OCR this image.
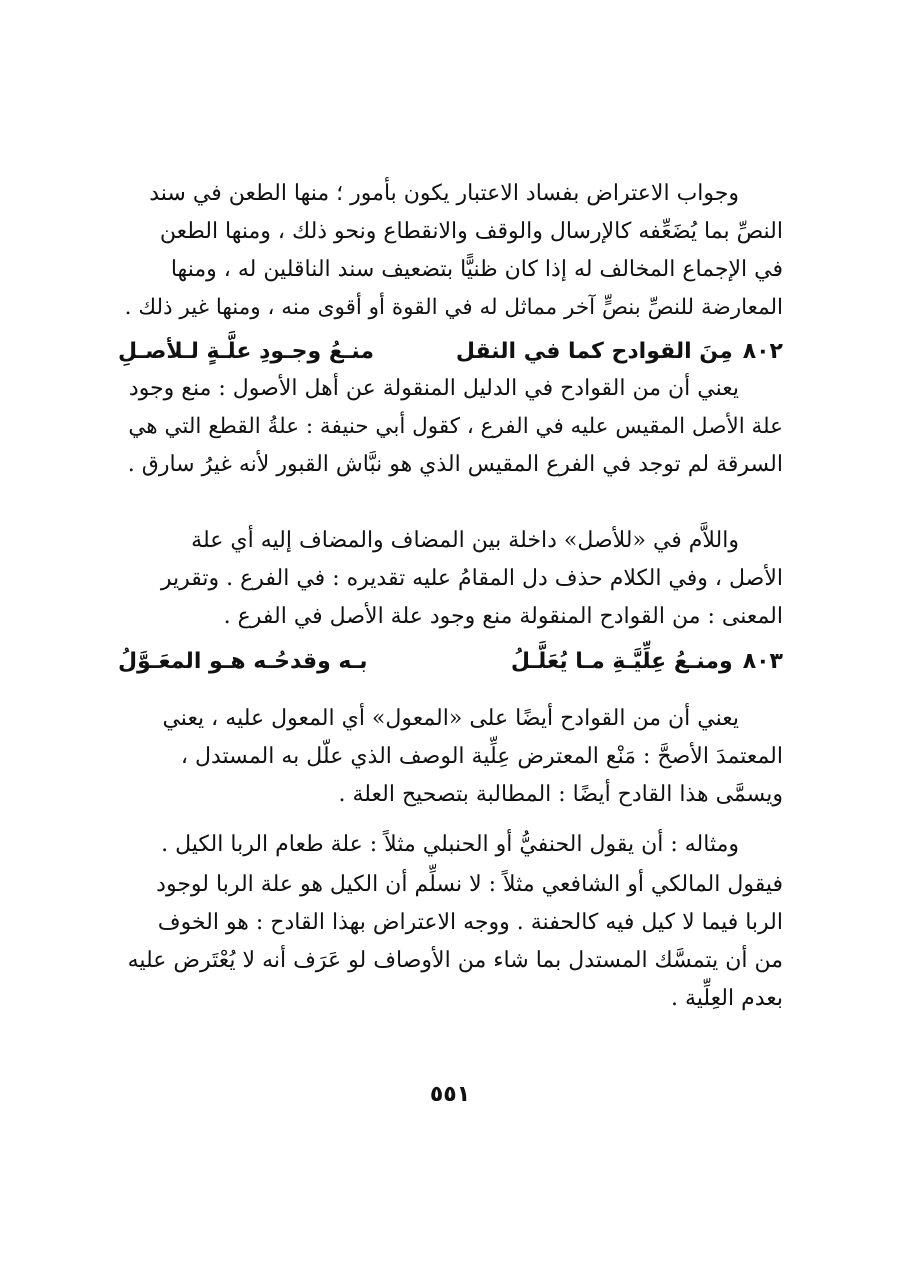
وجواب الاعتراض بفساد الاعتبار يكون بأمور ؛ منها الطعن في سند
النصِّ بما يُضَعِّفه كالإرسال والوقف والانقطاع ونحو ذلك ، ومنها الطعن
في الإجماع المخالف له إذا كان ظنيًّا بتضعيف سند الناقلين له ، ومنها
المعارضة للنصِّ بنصٍّ آخر مماثل له في القوة أو أقوى منه ، ومنها غير ذلك .
٨٠٢
مِنَ القوادح كما في النقل
منـعُ وجـودِ علَّـةٍ لـلأصـلِ
يعني أن من القوادح في الدليل المنقولة عن أهل الأصول : منع وجود
علة الأصل المقيس عليه في الفرع ، كقول أبي حنيفة : علةُ القطع التي هي
السرقة لم توجد في الفرع المقيس الذي هو نبَّاش القبور لأنه غيرُ سارق .
واللاَّم في «للأصل» داخلة بين المضاف والمضاف إليه أي علة
الأصل ، وفي الكلام حذف دل المقامُ عليه تقديره : في الفرع . وتقرير
المعنى : من القوادح المنقولة منع وجود علة الأصل في الفرع .
٨٠٣
ومنـعُ عِلِّيَّـةِ مـا يُعَلَّـلُ
بـه وقدحُـه هـو المعَـوَّلُ
يعني أن من القوادح أيضًا على «المعول» أي المعول عليه ، يعني
المعتمدَ الأصحَّ : مَنْع المعترض عِلِّية الوصف الذي علّل به المستدل ،
ويسمَّى هذا القادح أيضًا : المطالبة بتصحيح العلة .
ومثاله : أن يقول الحنفيُّ أو الحنبلي مثلاً : علة طعام الربا الكيل .
فيقول المالكي أو الشافعي مثلاً : لا نسلِّم أن الكيل هو علة الربا لوجود
الربا فيما لا كيل فيه كالحفنة . ووجه الاعتراض بهذا القادح : هو الخوف
من أن يتمسَّك المستدل بما شاء من الأوصاف لو عَرَف أنه لا يُعْتَرض عليه
بعدم العِلِّية .
٥٥١
